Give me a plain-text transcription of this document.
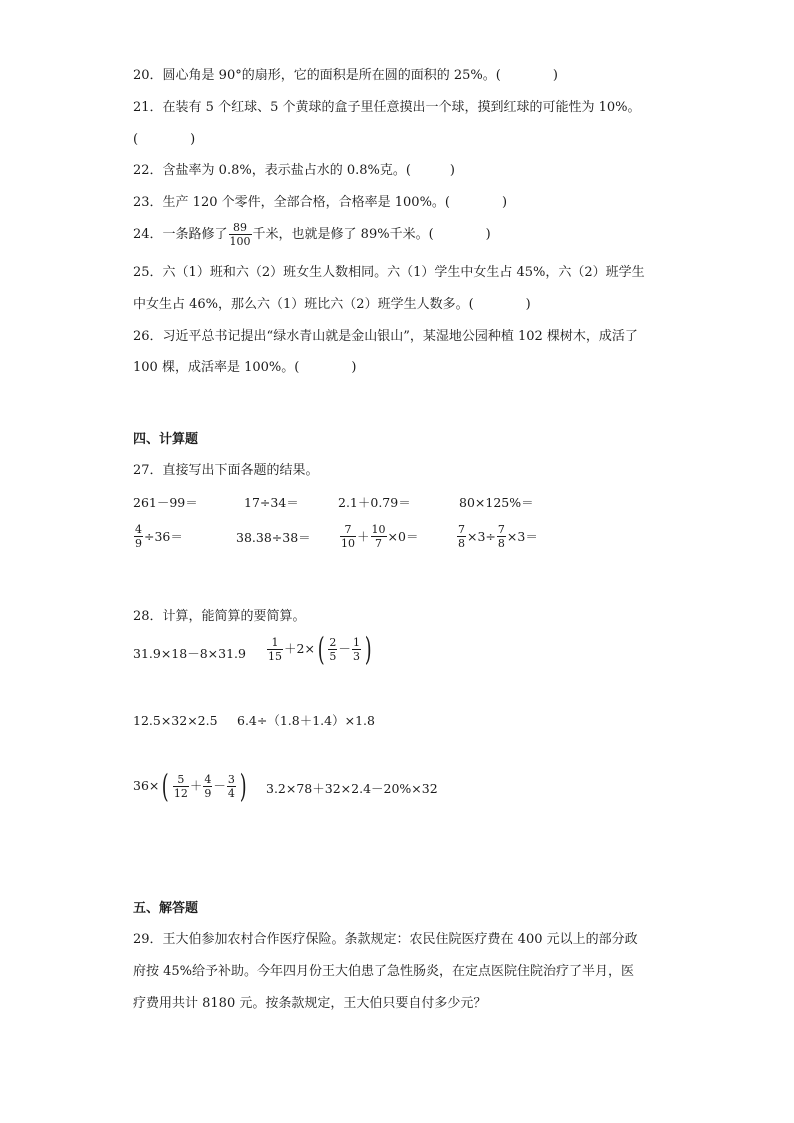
20．圆心角是 90°的扇形，它的面积是所在圆的面积的 25%。(　　　　)
21．在装有 5 个红球、5 个黄球的盒子里任意摸出一个球，摸到红球的可能性为 10%。
(　　　　)
22．含盐率为 0.8%，表示盐占水的 0.8%克。(　　　)
23．生产 120 个零件，全部合格，合格率是 100%。(　　　　)
24．一条路修了 $\frac{89}{100}$ 千米，也就是修了 89%千米。(　　　　)
25．六（1）班和六（2）班女生人数相同。六（1）学生中女生占 45%，六（2）班学生
中女生占 46%，那么六（1）班比六（2）班学生人数多。(　　　　)
26．习近平总书记提出“绿水青山就是金山银山”，某湿地公园种植 102 棵树木，成活了
100 棵，成活率是 100%。(　　　　)
四、计算题
27．直接写出下面各题的结果。
261－99＝	17÷34＝	2.1＋0.79＝	80×125%＝
$\frac{4}{9} \div 36=$	38.38÷38＝	$\frac{7}{10} + \frac{10}{7} \times 0=$	$\frac{7}{8} \times 3\div \frac{7}{8} \times 3=$
28．计算，能简算的要简算。
$31.9\times 18-8\times 31.9 \frac{1}{15} +2\times$ ( $\frac{2}{5} - \frac{1}{3}$ )
12.5×32×2.5 6.4÷（1.8＋1.4）×1.8
36× ( $\frac{5}{12} + \frac{4}{9} - \frac{3}{4}$ ) 3.2×78＋32×2.4－20%×32
五、解答题
29．王大伯参加农村合作医疗保险。条款规定：农民住院医疗费在 400 元以上的部分政
府按 45%给予补助。今年四月份王大伯患了急性肠炎，在定点医院住院治疗了半月，医
疗费用共计 8180 元。按条款规定，王大伯只要自付多少元？
